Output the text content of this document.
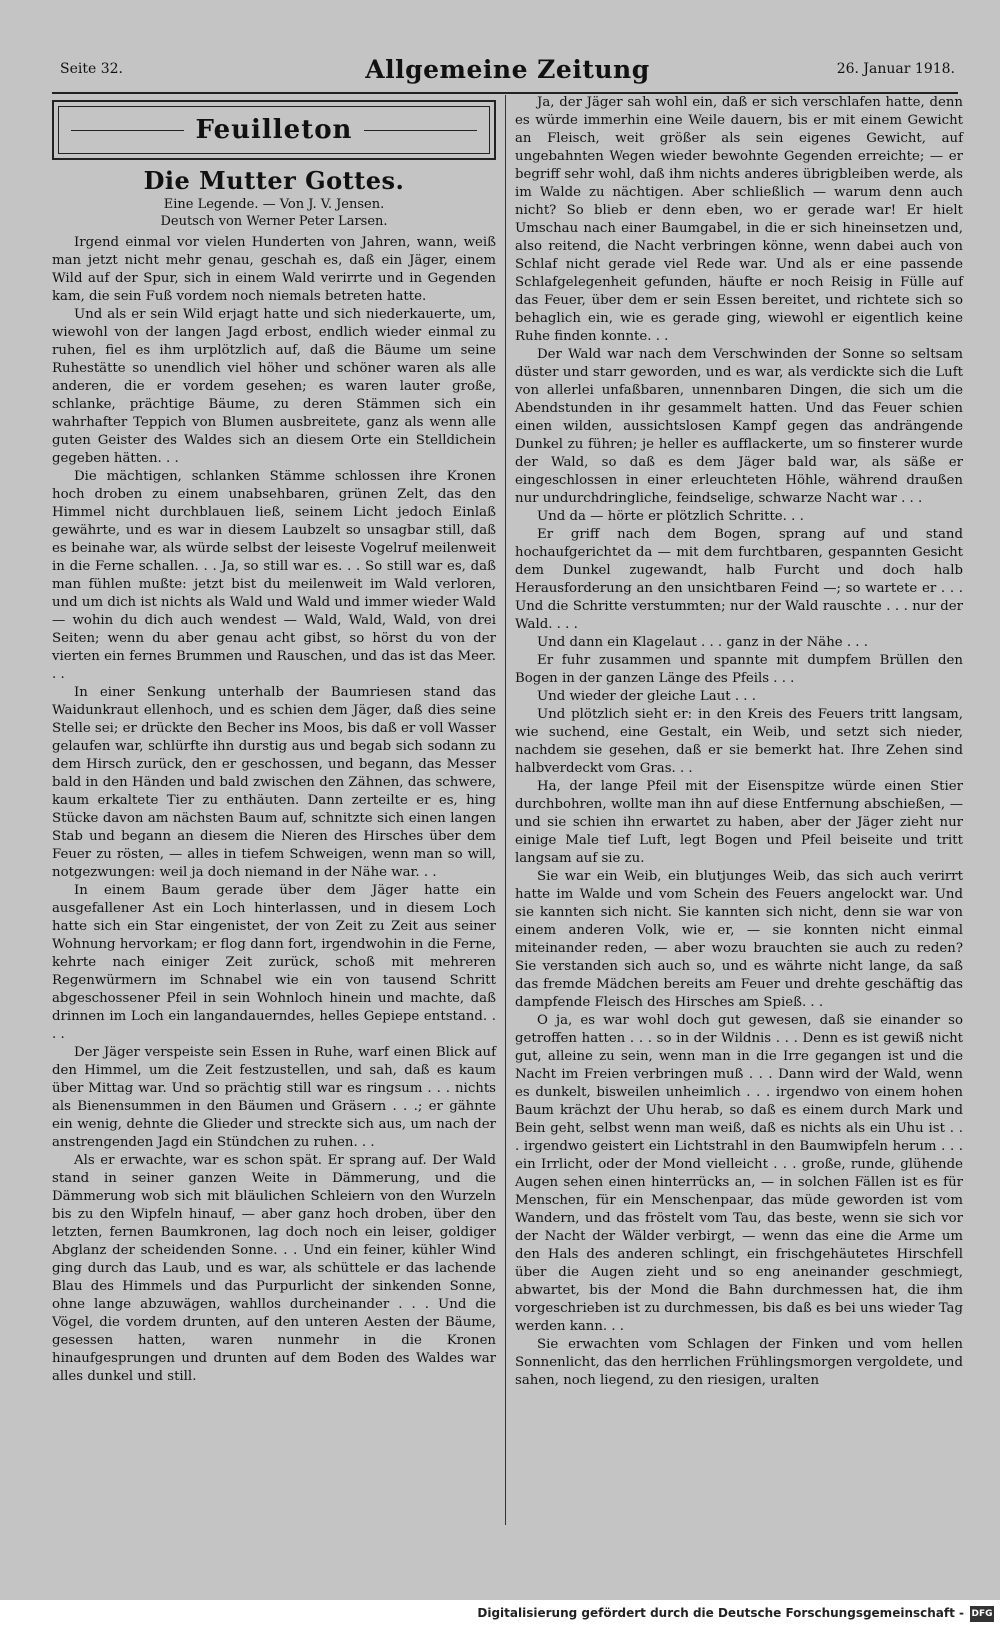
Seite 32.	Allgemeine Zeitung	26. Januar 1918.
Feuilleton
Die Mutter Gottes.
Eine Legende. — Von J. V. Jensen.
Deutsch von Werner Peter Larsen.

Irgend einmal vor vielen Hunderten von Jahren, wann, weiß man jetzt nicht mehr genau, geschah es, daß ein Jäger, einem Wild auf der Spur, sich in einem Wald verirrte und in Gegenden kam, die sein Fuß vordem noch niemals betreten hatte.

Und als er sein Wild erjagt hatte und sich niederkauerte, um, wiewohl von der langen Jagd erbost, endlich wieder einmal zu ruhen, fiel es ihm urplötzlich auf, daß die Bäume um seine Ruhestätte so unendlich viel höher und schöner waren als alle anderen, die er vordem gesehen; es waren lauter große, schlanke, prächtige Bäume, zu deren Stämmen sich ein wahrhafter Teppich von Blumen ausbreitete, ganz als wenn alle guten Geister des Waldes sich an diesem Orte ein Stelldichein gegeben hätten. . .

Die mächtigen, schlanken Stämme schlossen ihre Kronen hoch droben zu einem unabsehbaren, grünen Zelt, das den Himmel nicht durchblauen ließ, seinem Licht jedoch Einlaß gewährte, und es war in diesem Laubzelt so unsagbar still, daß es beinahe war, als würde selbst der leiseste Vogelruf meilenweit in die Ferne schallen. . . Ja, so still war es. . . So still war es, daß man fühlen mußte: jetzt bist du meilenweit im Wald verloren, und um dich ist nichts als Wald und Wald und immer wieder Wald — wohin du dich auch wendest — Wald, Wald, Wald, von drei Seiten; wenn du aber genau acht gibst, so hörst du von der vierten ein fernes Brummen und Rauschen, und das ist das Meer. . .

In einer Senkung unterhalb der Baumriesen stand das Waidunkraut ellenhoch, und es schien dem Jäger, daß dies seine Stelle sei; er drückte den Becher ins Moos, bis daß er voll Wasser gelaufen war, schlürfte ihn durstig aus und begab sich sodann zu dem Hirsch zurück, den er geschossen, und begann, das Messer bald in den Händen und bald zwischen den Zähnen, das schwere, kaum erkaltete Tier zu enthäuten. Dann zerteilte er es, hing Stücke davon am nächsten Baum auf, schnitzte sich einen langen Stab und begann an diesem die Nieren des Hirsches über dem Feuer zu rösten, — alles in tiefem Schweigen, wenn man so will, notgezwungen: weil ja doch niemand in der Nähe war. . .

In einem Baum gerade über dem Jäger hatte ein ausgefallener Ast ein Loch hinterlassen, und in diesem Loch hatte sich ein Star eingenistet, der von Zeit zu Zeit aus seiner Wohnung hervorkam; er flog dann fort, irgendwohin in die Ferne, kehrte nach einiger Zeit zurück, schoß mit mehreren Regenwürmern im Schnabel wie ein von tausend Schritt abgeschossener Pfeil in sein Wohnloch hinein und machte, daß drinnen im Loch ein langandauerndes, helles Gepiepe entstand. . . .

Der Jäger verspeiste sein Essen in Ruhe, warf einen Blick auf den Himmel, um die Zeit festzustellen, und sah, daß es kaum über Mittag war. Und so prächtig still war es ringsum . . . nichts als Bienensummen in den Bäumen und Gräsern . . .; er gähnte ein wenig, dehnte die Glieder und streckte sich aus, um nach der anstrengenden Jagd ein Stündchen zu ruhen. . .

Als er erwachte, war es schon spät. Er sprang auf. Der Wald stand in seiner ganzen Weite in Dämmerung, und die Dämmerung wob sich mit bläulichen Schleiern von den Wurzeln bis zu den Wipfeln hinauf, — aber ganz hoch droben, über den letzten, fernen Baumkronen, lag doch noch ein leiser, goldiger Abglanz der scheidenden Sonne. . . Und ein feiner, kühler Wind ging durch das Laub, und es war, als schüttele er das lachende Blau des Himmels und das Purpurlicht der sinkenden Sonne, ohne lange abzuwägen, wahllos durcheinander . . . Und die Vögel, die vordem drunten, auf den unteren Aesten der Bäume, gesessen hatten, waren nunmehr in die Kronen hinaufgesprungen und drunten auf dem Boden des Waldes war alles dunkel und still.

Ja, der Jäger sah wohl ein, daß er sich verschlafen hatte, denn es würde immerhin eine Weile dauern, bis er mit einem Gewicht an Fleisch, weit größer als sein eigenes Gewicht, auf ungebahnten Wegen wieder bewohnte Gegenden erreichte; — er begriff sehr wohl, daß ihm nichts anderes übrigbleiben werde, als im Walde zu nächtigen. Aber schließlich — warum denn auch nicht? So blieb er denn eben, wo er gerade war! Er hielt Umschau nach einer Baumgabel, in die er sich hineinsetzen und, also reitend, die Nacht verbringen könne, wenn dabei auch von Schlaf nicht gerade viel Rede war. Und als er eine passende Schlafgelegenheit gefunden, häufte er noch Reisig in Fülle auf das Feuer, über dem er sein Essen bereitet, und richtete sich so behaglich ein, wie es gerade ging, wiewohl er eigentlich keine Ruhe finden konnte. . .

Der Wald war nach dem Verschwinden der Sonne so seltsam düster und starr geworden, und es war, als verdickte sich die Luft von allerlei unfaßbaren, unnennbaren Dingen, die sich um die Abendstunden in ihr gesammelt hatten. Und das Feuer schien einen wilden, aussichtslosen Kampf gegen das andrängende Dunkel zu führen; je heller es aufflackerte, um so finsterer wurde der Wald, so daß es dem Jäger bald war, als säße er eingeschlossen in einer erleuchteten Höhle, während draußen nur undurchdringliche, feindselige, schwarze Nacht war . . .

Und da — hörte er plötzlich Schritte. . .

Er griff nach dem Bogen, sprang auf und stand hochaufgerichtet da — mit dem furchtbaren, gespannten Gesicht dem Dunkel zugewandt, halb Furcht und doch halb Herausforderung an den unsichtbaren Feind —; so wartete er . . . Und die Schritte verstummten; nur der Wald rauschte . . . nur der Wald. . . .

Und dann ein Klagelaut . . . ganz in der Nähe . . .

Er fuhr zusammen und spannte mit dumpfem Brüllen den Bogen in der ganzen Länge des Pfeils . . .

Und wieder der gleiche Laut . . .

Und plötzlich sieht er: in den Kreis des Feuers tritt langsam, wie suchend, eine Gestalt, ein Weib, und setzt sich nieder, nachdem sie gesehen, daß er sie bemerkt hat. Ihre Zehen sind halbverdeckt vom Gras. . .

Ha, der lange Pfeil mit der Eisenspitze würde einen Stier durchbohren, wollte man ihn auf diese Entfernung abschießen, — und sie schien ihn erwartet zu haben, aber der Jäger zieht nur einige Male tief Luft, legt Bogen und Pfeil beiseite und tritt langsam auf sie zu.

Sie war ein Weib, ein blutjunges Weib, das sich auch verirrt hatte im Walde und vom Schein des Feuers angelockt war. Und sie kannten sich nicht. Sie kannten sich nicht, denn sie war von einem anderen Volk, wie er, — sie konnten nicht einmal miteinander reden, — aber wozu brauchten sie auch zu reden? Sie verstanden sich auch so, und es währte nicht lange, da saß das fremde Mädchen bereits am Feuer und drehte geschäftig das dampfende Fleisch des Hirsches am Spieß. . .

O ja, es war wohl doch gut gewesen, daß sie einander so getroffen hatten . . . so in der Wildnis . . . Denn es ist gewiß nicht gut, alleine zu sein, wenn man in die Irre gegangen ist und die Nacht im Freien verbringen muß . . . Dann wird der Wald, wenn es dunkelt, bisweilen unheimlich . . . irgendwo von einem hohen Baum krächzt der Uhu herab, so daß es einem durch Mark und Bein geht, selbst wenn man weiß, daß es nichts als ein Uhu ist . . . irgendwo geistert ein Lichtstrahl in den Baumwipfeln herum . . . ein Irrlicht, oder der Mond vielleicht . . . große, runde, glühende Augen sehen einen hinterrücks an, — in solchen Fällen ist es für Menschen, für ein Menschenpaar, das müde geworden ist vom Wandern, und das fröstelt vom Tau, das beste, wenn sie sich vor der Nacht der Wälder verbirgt, — wenn das eine die Arme um den Hals des anderen schlingt, ein frischgehäutetes Hirschfell über die Augen zieht und so eng aneinander geschmiegt, abwartet, bis der Mond die Bahn durchmessen hat, die ihm vorgeschrieben ist zu durchmessen, bis daß es bei uns wieder Tag werden kann. . .

Sie erwachten vom Schlagen der Finken und vom hellen Sonnenlicht, das den herrlichen Frühlingsmorgen vergoldete, und sahen, noch liegend, zu den riesigen, uralten

Digitalisierung gefördert durch die Deutsche Forschungsgemeinschaft - DFG
